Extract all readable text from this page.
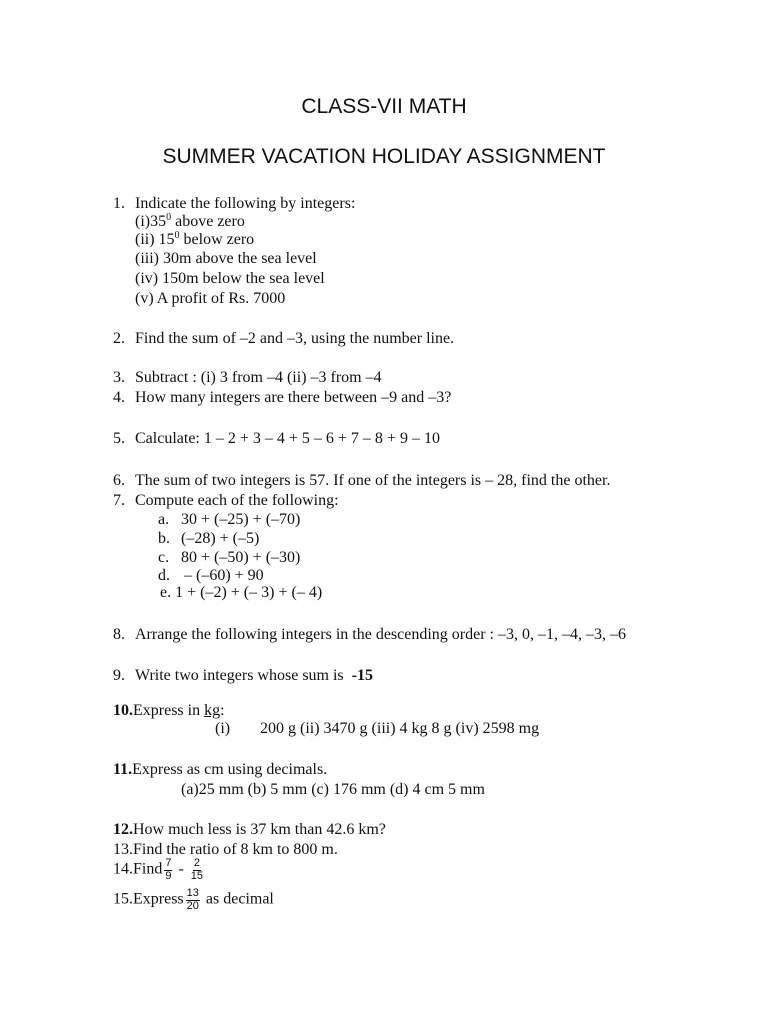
CLASS-VII MATH
SUMMER VACATION HOLIDAY ASSIGNMENT
1. Indicate the following by integers:
$(i)35^0$ above zero
(ii) $15^0$ below zero
(iii) 30m above the sea level
(iv) 150m below the sea level
(v) A profit of Rs. 7000
2. Find the sum of –2 and –3, using the number line.
3. Subtract : (i) 3 from –4 (ii) –3 from –4
4. How many integers are there between –9 and –3?
5. Calculate: 1 – 2 + 3 – 4 + 5 – 6 + 7 – 8 + 9 – 10
6. The sum of two integers is 57. If one of the integers is – 28, find the other.
7. Compute each of the following:
a. 30 + (–25) + (–70)
b. (–28) + (–5)
c. 80 + (–50) + (–30)
d. – (–60) + 90
e. 1 + (–2) + (– 3) + (– 4)
8. Arrange the following integers in the descending order : –3, 0, –1, –4, –3, –6
9. Write two integers whose sum is -15
10.Express in kg:
(i) 200 g (ii) 3470 g (iii) 4 kg 8 g (iv) 2598 mg
11.Express as cm using decimals.
(a)25 mm (b) 5 mm (c) 176 mm (d) 4 cm 5 mm
12.How much less is 37 km than 42.6 km?
13.Find the ratio of 8 km to 800 m.
14.Find $\frac{7}{9} - \frac{2}{15}$
15.Express $\frac{13}{20}$ as decimal
